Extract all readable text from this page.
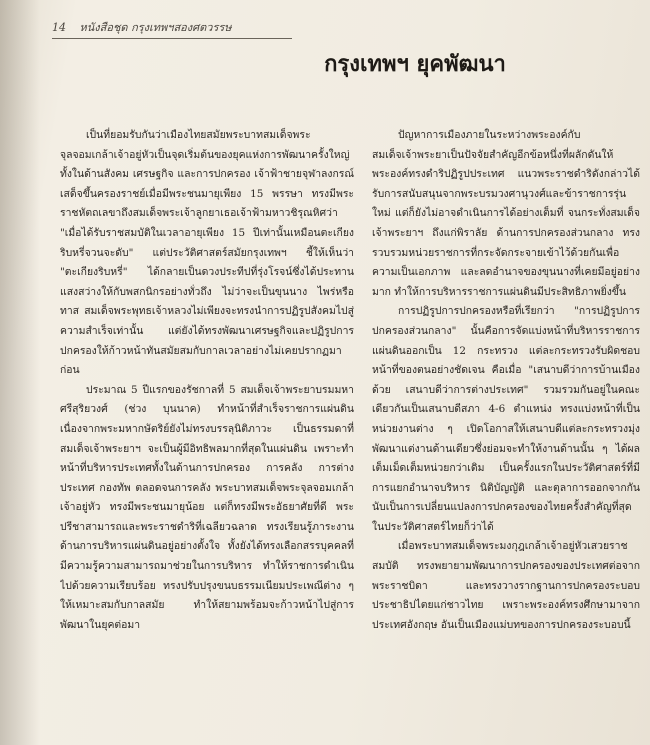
14 หนังสือชุด กรุงเทพฯสองศตวรรษ
กรุงเทพฯ ยุคพัฒนา

เป็นที่ยอมรับกันว่าเมืองไทยสมัยพระบาทสมเด็จพระจุลจอมเกล้าเจ้าอยู่หัวเป็นจุดเริ่มต้นของยุคแห่งการพัฒนาครั้งใหญ่ ทั้งในด้านสังคม เศรษฐกิจ และการปกครอง เจ้าฟ้าชายจุฬาลงกรณ์เสด็จขึ้นครองราชย์เมื่อมีพระชนมายุเพียง 15 พรรษา ทรงมีพระราชหัตถเลขาถึงสมเด็จพระเจ้าลูกยาเธอเจ้าฟ้ามหาวชิรุณหิศว่า "เมื่อได้รับราชสมบัติในเวลาอายุเพียง 15 ปีเท่านั้นเหมือนตะเกียงริบหรี่จวนจะดับ" แต่ประวัติศาสตร์สมัยกรุงเทพฯ ชี้ให้เห็นว่า "ตะเกียงริบหรี่" ได้กลายเป็นดวงประทีปที่รุ่งโรจน์ซึ่งได้ประทานแสงสว่างให้กับพสกนิกรอย่างทั่วถึง ไม่ว่าจะเป็นขุนนาง ไพร่หรือทาส สมเด็จพระพุทธเจ้าหลวงไม่เพียงจะทรงนำการปฏิรูปสังคมไปสู่ความสำเร็จเท่านั้น แต่ยังได้ทรงพัฒนาเศรษฐกิจและปฏิรูปการปกครองให้ก้าวหน้าทันสมัยสมกับกาลเวลาอย่างไม่เคยปรากฏมาก่อน

ประมาณ 5 ปีแรกของรัชกาลที่ 5 สมเด็จเจ้าพระยาบรมมหาศรีสุริยวงศ์ (ช่วง บุนนาค) ทำหน้าที่สำเร็จราชการแผ่นดิน เนื่องจากพระมหากษัตริย์ยังไม่ทรงบรรลุนิติภาวะ เป็นธรรมดาที่สมเด็จเจ้าพระยาฯ จะเป็นผู้มีอิทธิพลมากที่สุดในแผ่นดิน เพราะทำหน้าที่บริหารประเทศทั้งในด้านการปกครอง การคลัง การต่างประเทศ กองทัพ ตลอดจนการคลัง พระบาทสมเด็จพระจุลจอมเกล้าเจ้าอยู่หัว ทรงมีพระชนมายุน้อย แต่ก็ทรงมีพระอัธยาศัยที่ดี พระปรีชาสามารถและพระราชดำริที่เฉลียวฉลาด ทรงเรียนรู้ภาระงานด้านการบริหารแผ่นดินอยู่อย่างตั้งใจ ทั้งยังได้ทรงเลือกสรรบุคคลที่มีความรู้ความสามารถมาช่วยในการบริหาร ทำให้ราชการดำเนินไปด้วยความเรียบร้อย ทรงปรับปรุงขนบธรรมเนียมประเพณีต่าง ๆ ให้เหมาะสมกับกาลสมัย ทำให้สยามพร้อมจะก้าวหน้าไปสู่การพัฒนาในยุคต่อมา

ปัญหาการเมืองภายในระหว่างพระองค์กับสมเด็จเจ้าพระยาเป็นปัจจัยสำคัญอีกข้อหนึ่งที่ผลักดันให้พระองค์ทรงดำริปฏิรูปประเทศ แนวพระราชดำริดังกล่าวได้รับการสนับสนุนจากพระบรมวงศานุวงศ์และข้าราชการรุ่นใหม่ แต่ก็ยังไม่อาจดำเนินการได้อย่างเต็มที่ จนกระทั่งสมเด็จเจ้าพระยาฯ ถึงแก่พิราลัย ด้านการปกครองส่วนกลาง ทรงรวบรวมหน่วยราชการที่กระจัดกระจายเข้าไว้ด้วยกันเพื่อความเป็นเอกภาพ และลดอำนาจของขุนนางที่เคยมีอยู่อย่างมาก ทำให้การบริหารราชการแผ่นดินมีประสิทธิภาพยิ่งขึ้น

การปฏิรูปการปกครองหรือที่เรียกว่า "การปฏิรูปการปกครองส่วนกลาง" นั้นคือการจัดแบ่งหน้าที่บริหารราชการแผ่นดินออกเป็น 12 กระทรวง แต่ละกระทรวงรับผิดชอบหน้าที่ของตนอย่างชัดเจน คือเมื่อ "เสนาบดีว่าการบ้านเมืองด้วย เสนาบดีว่าการต่างประเทศ" รวมรวมกันอยู่ในคณะเดียวกันเป็นเสนาบดีสภา 4-6 ตำแหน่ง ทรงแบ่งหน้าที่เป็นหน่วยงานต่าง ๆ เปิดโอกาสให้เสนาบดีแต่ละกระทรวงมุ่งพัฒนาแต่งานด้านเดียวซึ่งย่อมจะทำให้งานด้านนั้น ๆ ได้ผลเต็มเม็ดเต็มหน่วยกว่าเดิม เป็นครั้งแรกในประวัติศาสตร์ที่มีการแยกอำนาจบริหาร นิติบัญญัติ และตุลาการออกจากกัน นับเป็นการเปลี่ยนแปลงการปกครองของไทยครั้งสำคัญที่สุดในประวัติศาสตร์ไทยก็ว่าได้

เมื่อพระบาทสมเด็จพระมงกุฎเกล้าเจ้าอยู่หัวเสวยราชสมบัติ ทรงพยายามพัฒนาการปกครองของประเทศต่อจากพระราชบิดา และทรงวางรากฐานการปกครองระบอบประชาธิปไตยแก่ชาวไทย เพราะพระองค์ทรงศึกษามาจากประเทศอังกฤษ อันเป็นเมืองแม่บทของการปกครองระบอบนี้
